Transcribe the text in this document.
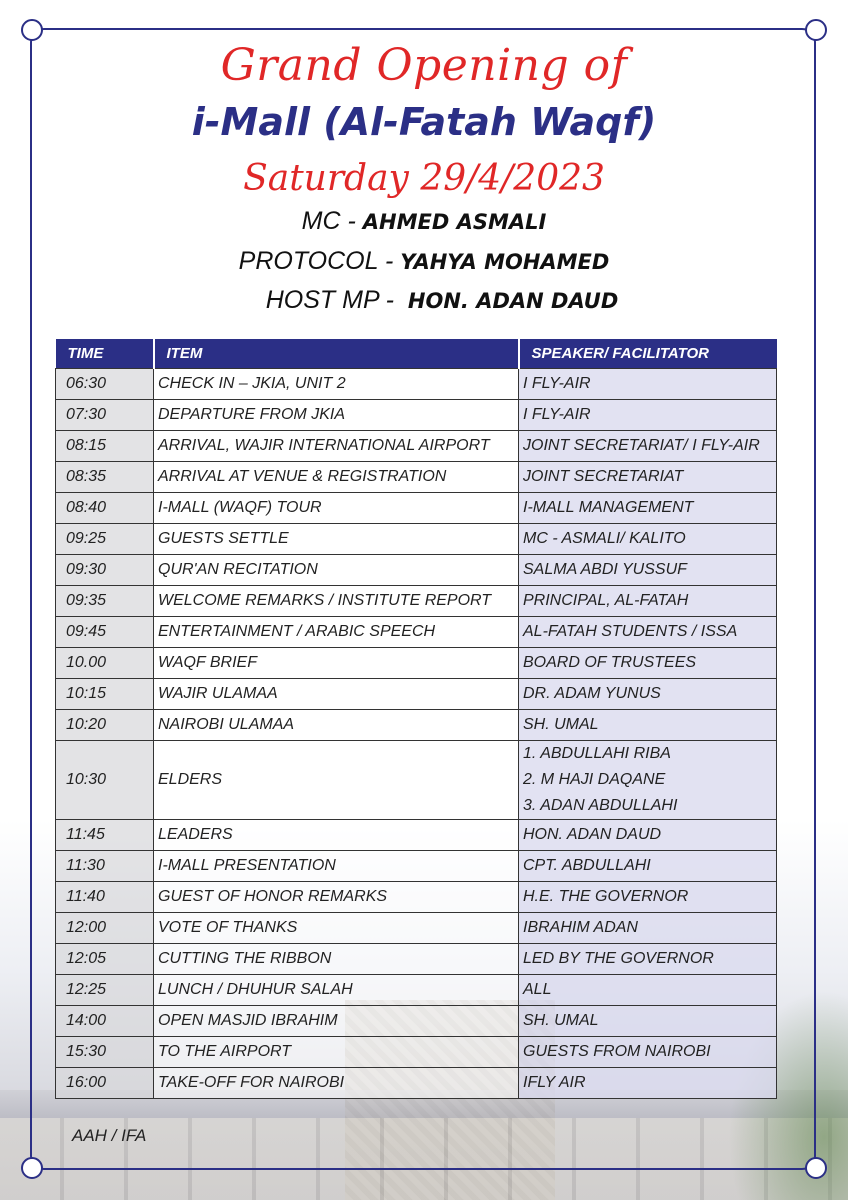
Grand Opening of
i-Mall (Al-Fatah Waqf)
Saturday 29/4/2023
MC - AHMED ASMALI
PROTOCOL - YAHYA MOHAMED
HOST MP - HON. ADAN DAUD
TIME	ITEM	SPEAKER/ FACILITATOR
06:30	CHECK IN – JKIA, UNIT 2	I FLY-AIR
07:30	DEPARTURE FROM JKIA	I FLY-AIR
08:15	ARRIVAL, WAJIR INTERNATIONAL AIRPORT	JOINT SECRETARIAT/ I FLY-AIR
08:35	ARRIVAL AT VENUE & REGISTRATION	JOINT SECRETARIAT
08:40	I-MALL (WAQF) TOUR	I-MALL MANAGEMENT
09:25	GUESTS SETTLE	MC - ASMALI/ KALITO
09:30	QUR'AN RECITATION	SALMA ABDI YUSSUF
09:35	WELCOME REMARKS / INSTITUTE REPORT	PRINCIPAL, AL-FATAH
09:45	ENTERTAINMENT / ARABIC SPEECH	AL-FATAH STUDENTS / ISSA
10.00	WAQF BRIEF	BOARD OF TRUSTEES
10:15	WAJIR ULAMAA	DR. ADAM YUNUS
10:20	NAIROBI ULAMAA	SH. UMAL
10:30	ELDERS	1. ABDULLAHI RIBA
2. M HAJI DAQANE
3. ADAN ABDULLAHI

11:45	LEADERS	HON. ADAN DAUD
11:30	I-MALL PRESENTATION	CPT. ABDULLAHI
11:40	GUEST OF HONOR REMARKS	H.E. THE GOVERNOR
12:00	VOTE OF THANKS	IBRAHIM ADAN
12:05	CUTTING THE RIBBON	LED BY THE GOVERNOR
12:25	LUNCH / DHUHUR SALAH	ALL
14:00	OPEN MASJID IBRAHIM	SH. UMAL
15:30	TO THE AIRPORT	GUESTS FROM NAIROBI
16:00	TAKE-OFF FOR NAIROBI	IFLY AIR
AAH / IFA
